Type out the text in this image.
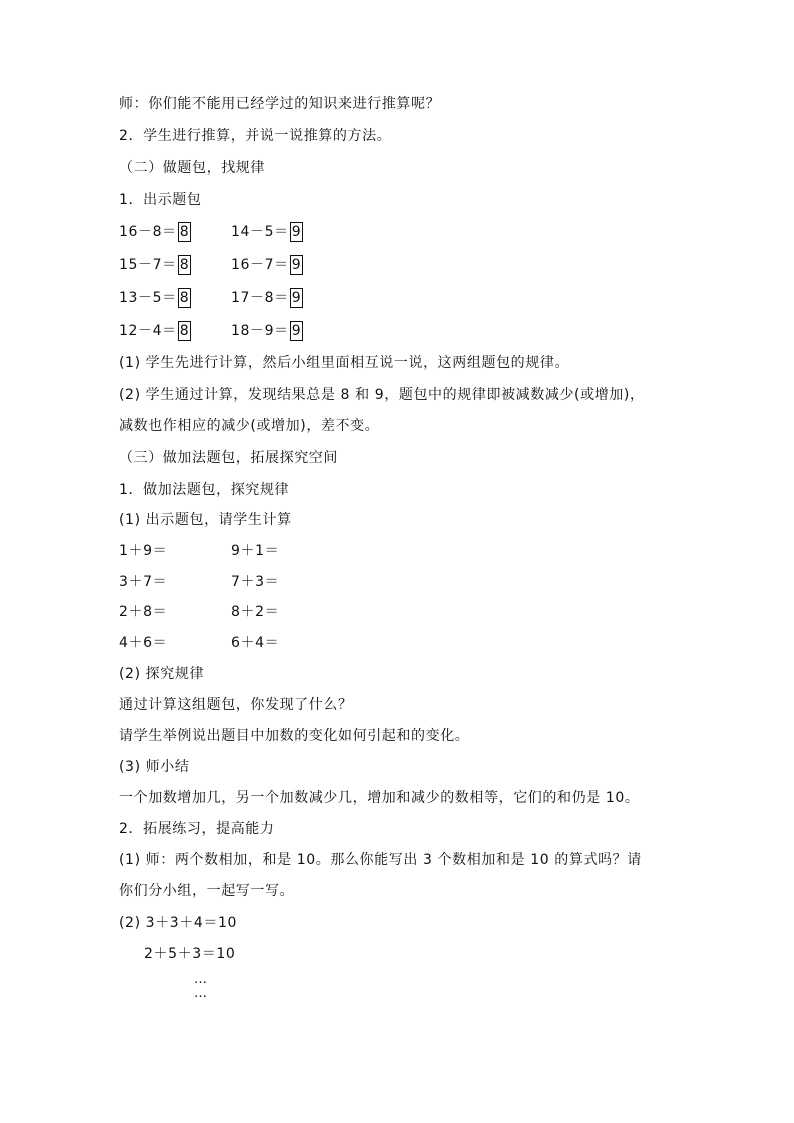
师：你们能不能用已经学过的知识来进行推算呢？
2．学生进行推算，并说一说推算的方法。
（二）做题包，找规律
1．出示题包
16－8＝ 8	14－5＝ 9
15－7＝ 8	16－7＝ 9
13－5＝ 8	17－8＝ 9
12－4＝ 8	18－9＝ 9
(1) 学生先进行计算，然后小组里面相互说一说，这两组题包的规律。
(2) 学生通过计算，发现结果总是 8 和 9，题包中的规律即被减数减少(或增加)，
减数也作相应的减少(或增加)，差不变。
（三）做加法题包，拓展探究空间
1．做加法题包，探究规律
(1) 出示题包，请学生计算
1＋9＝	9＋1＝
3＋7＝	7＋3＝
2＋8＝	8＋2＝
4＋6＝	6＋4＝
(2) 探究规律
通过计算这组题包，你发现了什么？
请学生举例说出题目中加数的变化如何引起和的变化。
(3) 师小结
一个加数增加几，另一个加数减少几，增加和减少的数相等，它们的和仍是 10。
2．拓展练习，提高能力
(1) 师：两个数相加，和是 10。那么你能写出 3 个数相加和是 10 的算式吗？请
你们分小组，一起写一写。
(2) 3＋3＋4＝10
2＋5＋3＝10
…
…
